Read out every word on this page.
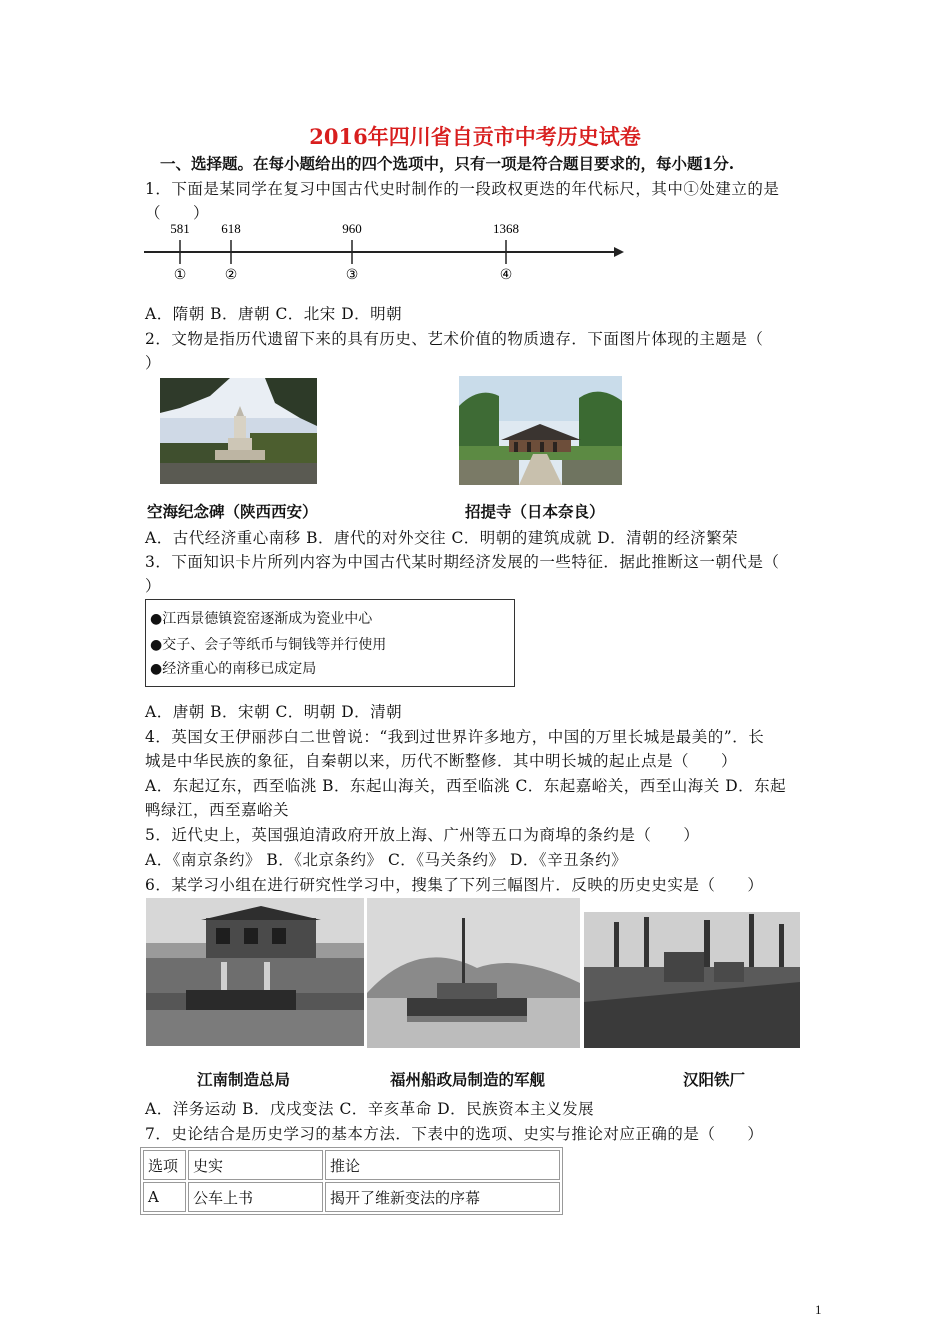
2016年四川省自贡市中考历史试卷
一、选择题。在每小题给出的四个选项中，只有一项是符合题目要求的，每小题1分.
1．下面是某同学在复习中国古代史时制作的一段政权更迭的年代标尺，其中①处建立的是
（　　）
581 618	960	1368
①	②	③	④
A．隋朝 B．唐朝 C．北宋 D．明朝
2．文物是指历代遗留下来的具有历史、艺术价值的物质遗存．下面图片体现的主题是（
）
空海纪念碑（陕西西安）	招提寺（日本奈良）
A．古代经济重心南移 B．唐代的对外交往 C．明朝的建筑成就 D．清朝的经济繁荣
3．下面知识卡片所列内容为中国古代某时期经济发展的一些特征．据此推断这一朝代是（
）
●江西景德镇瓷窑逐渐成为瓷业中心
●交子、会子等纸币与铜钱等并行使用
●经济重心的南移已成定局
A．唐朝 B．宋朝 C．明朝 D．清朝
4．英国女王伊丽莎白二世曾说：“我到过世界许多地方，中国的万里长城是最美的”．长
城是中华民族的象征，自秦朝以来，历代不断整修．其中明长城的起止点是（　　）
A．东起辽东，西至临洮 B．东起山海关，西至临洮 C．东起嘉峪关，西至山海关 D．东起
鸭绿江，西至嘉峪关
5．近代史上，英国强迫清政府开放上海、广州等五口为商埠的条约是（　　）
A．《南京条约》 B．《北京条约》 C．《马关条约》 D．《辛丑条约》
6．某学习小组在进行研究性学习中，搜集了下列三幅图片．反映的历史史实是（　　）
江南制造总局	福州船政局制造的军舰	汉阳铁厂
A．洋务运动 B．戊戌变法 C．辛亥革命 D．民族资本主义发展
7．史论结合是历史学习的基本方法．下表中的选项、史实与推论对应正确的是（　　）
选项	史实	推论
A	公车上书	揭开了维新变法的序幕
1
